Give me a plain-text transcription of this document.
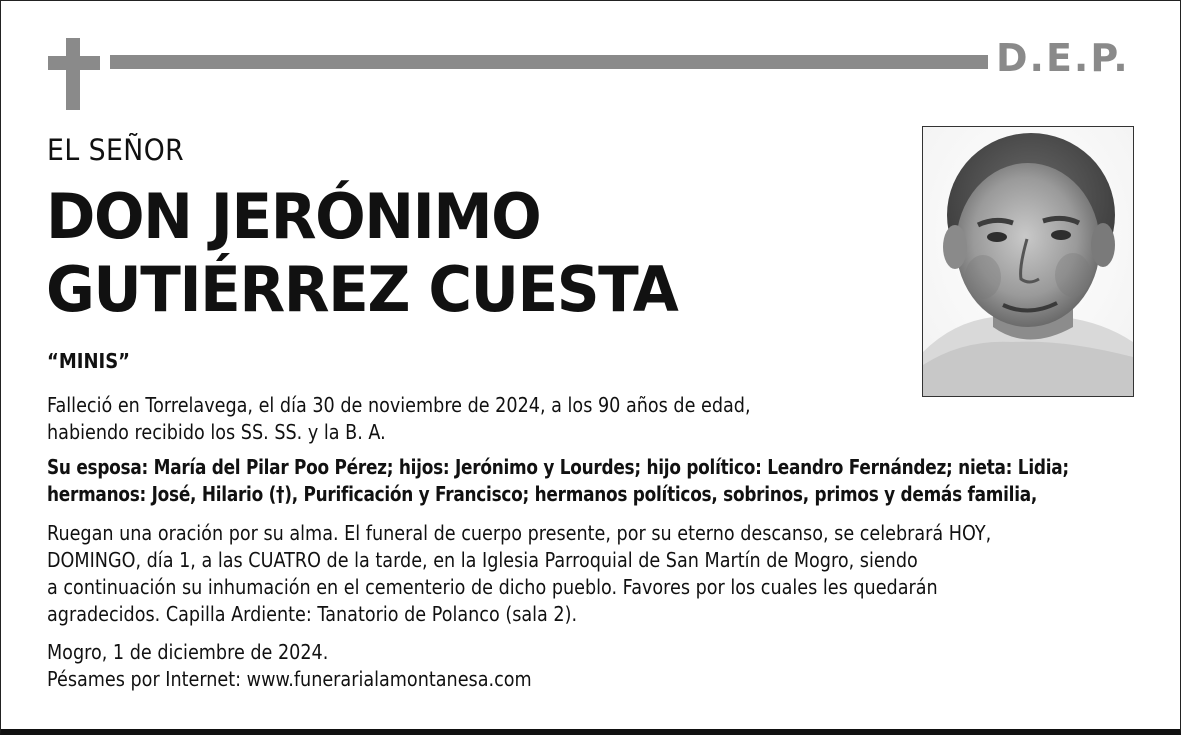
D.E.P.
EL SEÑOR
DON JERÓNIMO
GUTIÉRREZ CUESTA
“MINIS”
Falleció en Torrelavega, el día 30 de noviembre de 2024, a los 90 años de edad,
habiendo recibido los SS. SS. y la B. A.
Su esposa: María del Pilar Poo Pérez; hijos: Jerónimo y Lourdes; hijo político: Leandro Fernández; nieta: Lidia;
hermanos: José, Hilario (†), Purificación y Francisco; hermanos políticos, sobrinos, primos y demás familia,
Ruegan una oración por su alma. El funeral de cuerpo presente, por su eterno descanso, se celebrará HOY,
DOMINGO, día 1, a las CUATRO de la tarde, en la Iglesia Parroquial de San Martín de Mogro, siendo
a continuación su inhumación en el cementerio de dicho pueblo. Favores por los cuales les quedarán
agradecidos. Capilla Ardiente: Tanatorio de Polanco (sala 2).
Mogro, 1 de diciembre de 2024.
Pésames por Internet: www.funerarialamontanesa.com
